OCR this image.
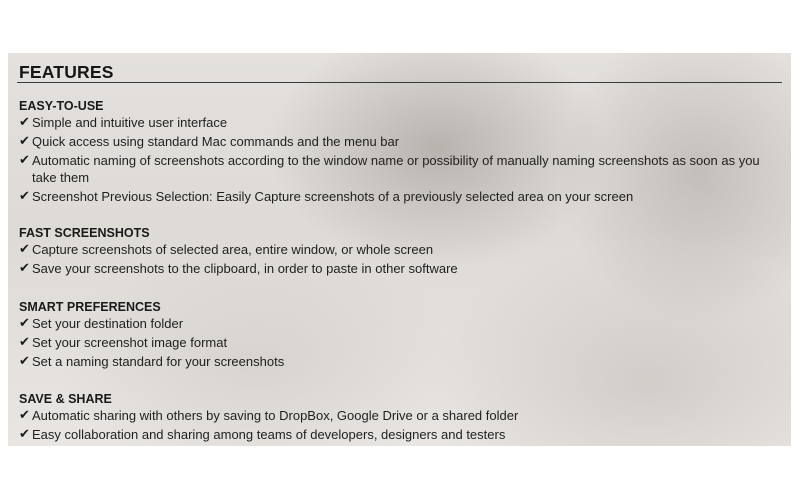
FEATURES
EASY-TO-USE
✔ Simple and intuitive user interface
✔ Quick access using standard Mac commands and the menu bar
✔ Automatic naming of screenshots according to the window name or possibility of manually naming screenshots as soon as you take them
✔ Screenshot Previous Selection: Easily Capture screenshots of a previously selected area on your screen
FAST SCREENSHOTS
✔ Capture screenshots of selected area, entire window, or whole screen
✔ Save your screenshots to the clipboard, in order to paste in other software
SMART PREFERENCES
✔ Set your destination folder
✔ Set your screenshot image format
✔ Set a naming standard for your screenshots
SAVE & SHARE
✔ Automatic sharing with others by saving to DropBox, Google Drive or a shared folder
✔ Easy collaboration and sharing among teams of developers, designers and testers
